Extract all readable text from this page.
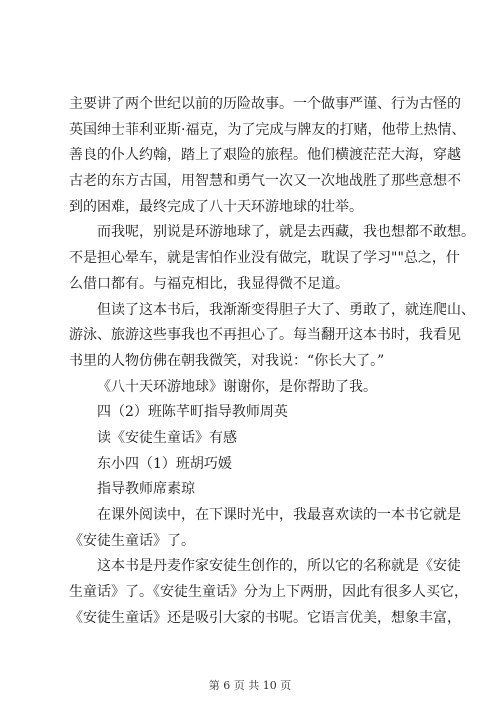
主要讲了两个世纪以前的历险故事。一个做事严谨、行为古怪的
英国绅士菲利亚斯·福克，为了完成与牌友的打赌，他带上热情、
善良的仆人约翰，踏上了艰险的旅程。他们横渡茫茫大海，穿越
古老的东方古国，用智慧和勇气一次又一次地战胜了那些意想不
到的困难，最终完成了八十天环游地球的壮举。
而我呢，别说是环游地球了，就是去西藏，我也想都不敢想。
不是担心晕车，就是害怕作业没有做完，耽误了学习""总之，什
么借口都有。与福克相比，我显得微不足道。
但读了这本书后，我渐渐变得胆子大了、勇敢了，就连爬山、
游泳、旅游这些事我也不再担心了。每当翻开这本书时，我看见
书里的人物仿佛在朝我微笑，对我说：“你长大了。”
《八十天环游地球》谢谢你，是你帮助了我。
四（2）班陈芊町指导教师周英
读《安徒生童话》有感
东小四（1）班胡巧媛
指导教师席素琼
在课外阅读中，在下课时光中，我最喜欢读的一本书它就是
《安徒生童话》了。
这本书是丹麦作家安徒生创作的，所以它的名称就是《安徒
生童话》了。《安徒生童话》分为上下两册，因此有很多人买它，
《安徒生童话》还是吸引大家的书呢。它语言优美，想象丰富，
第 6 页 共 10 页
